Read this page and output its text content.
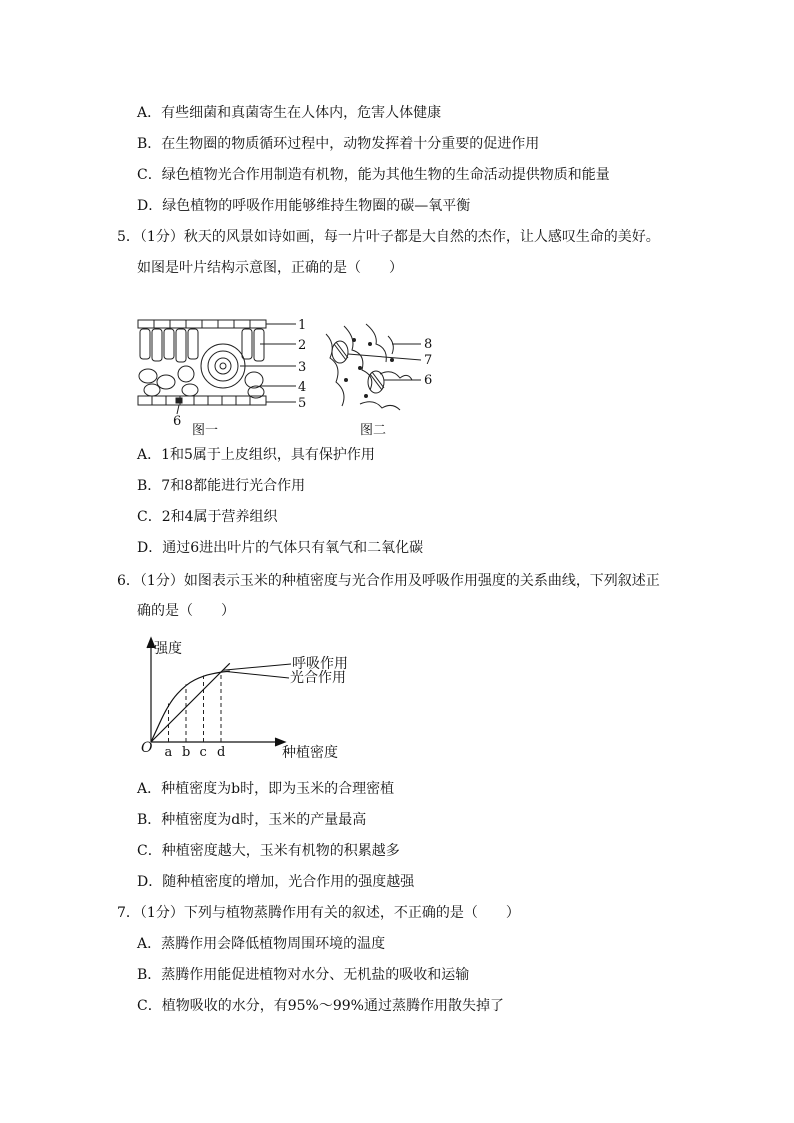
A．有些细菌和真菌寄生在人体内，危害人体健康
B．在生物圈的物质循环过程中，动物发挥着十分重要的促进作用
C．绿色植物光合作用制造有机物，能为其他生物的生命活动提供物质和能量
D．绿色植物的呼吸作用能够维持生物圈的碳—氧平衡
5．（1分）秋天的风景如诗如画，每一片叶子都是大自然的杰作，让人感叹生命的美好。
如图是叶片结构示意图，正确的是（　　）
1
2
3
4
5
6
图一
8
7
6
图二
A．1和5属于上皮组织，具有保护作用
B．7和8都能进行光合作用
C．2和4属于营养组织
D．通过6进出叶片的气体只有氧气和二氧化碳
6．（1分）如图表示玉米的种植密度与光合作用及呼吸作用强度的关系曲线，下列叙述正
确的是（　　）
强度
O	种植密度
呼吸作用
光合作用
a b c d
A．种植密度为b时，即为玉米的合理密植
B．种植密度为d时，玉米的产量最高
C．种植密度越大，玉米有机物的积累越多
D．随种植密度的增加，光合作用的强度越强
7．（1分）下列与植物蒸腾作用有关的叙述，不正确的是（　　）
A．蒸腾作用会降低植物周围环境的温度
B．蒸腾作用能促进植物对水分、无机盐的吸收和运输
C．植物吸收的水分，有95%～99%通过蒸腾作用散失掉了
